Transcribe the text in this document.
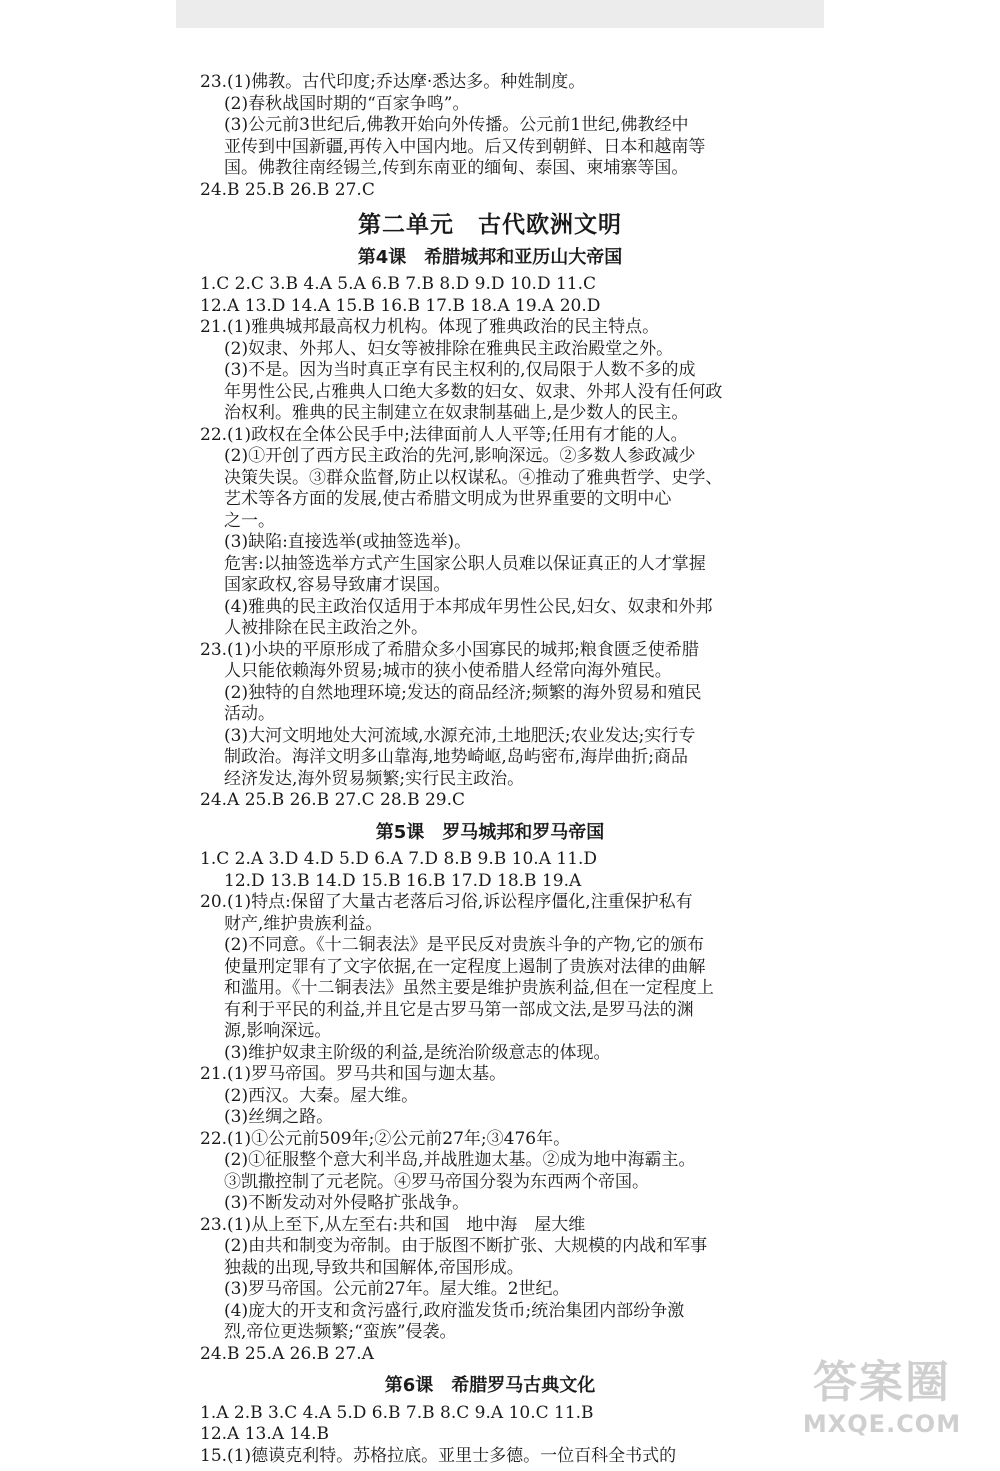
23.(1)佛教。古代印度;乔达摩·悉达多。种姓制度。

(2)春秋战国时期的“百家争鸣”。

(3)公元前3世纪后,佛教开始向外传播。公元前1世纪,佛教经中

亚传到中国新疆,再传入中国内地。后又传到朝鲜、日本和越南等

国。佛教往南经锡兰,传到东南亚的缅甸、泰国、柬埔寨等国。

24.B 25.B 26.B 27.C

第二单元　古代欧洲文明
第4课　希腊城邦和亚历山大帝国

1.C 2.C 3.B 4.A 5.A 6.B 7.B 8.D 9.D 10.D 11.C

12.A 13.D 14.A 15.B 16.B 17.B 18.A 19.A 20.D

21.(1)雅典城邦最高权力机构。体现了雅典政治的民主特点。

(2)奴隶、外邦人、妇女等被排除在雅典民主政治殿堂之外。

(3)不是。因为当时真正享有民主权利的,仅局限于人数不多的成

年男性公民,占雅典人口绝大多数的妇女、奴隶、外邦人没有任何政

治权利。雅典的民主制建立在奴隶制基础上,是少数人的民主。

22.(1)政权在全体公民手中;法律面前人人平等;任用有才能的人。

(2)①开创了西方民主政治的先河,影响深远。②多数人参政减少

决策失误。③群众监督,防止以权谋私。④推动了雅典哲学、史学、

艺术等各方面的发展,使古希腊文明成为世界重要的文明中心

之一。

(3)缺陷:直接选举(或抽签选举)。

危害:以抽签选举方式产生国家公职人员难以保证真正的人才掌握

国家政权,容易导致庸才误国。

(4)雅典的民主政治仅适用于本邦成年男性公民,妇女、奴隶和外邦

人被排除在民主政治之外。

23.(1)小块的平原形成了希腊众多小国寡民的城邦;粮食匮乏使希腊

人只能依赖海外贸易;城市的狭小使希腊人经常向海外殖民。

(2)独特的自然地理环境;发达的商品经济;频繁的海外贸易和殖民

活动。

(3)大河文明地处大河流域,水源充沛,土地肥沃;农业发达;实行专

制政治。海洋文明多山靠海,地势崎岖,岛屿密布,海岸曲折;商品

经济发达,海外贸易频繁;实行民主政治。

24.A 25.B 26.B 27.C 28.B 29.C

第5课　罗马城邦和罗马帝国

1.C 2.A 3.D 4.D 5.D 6.A 7.D 8.B 9.B 10.A 11.D

12.D 13.B 14.D 15.B 16.B 17.D 18.B 19.A

20.(1)特点:保留了大量古老落后习俗,诉讼程序僵化,注重保护私有

财产,维护贵族利益。

(2)不同意。《十二铜表法》是平民反对贵族斗争的产物,它的颁布

使量刑定罪有了文字依据,在一定程度上遏制了贵族对法律的曲解

和滥用。《十二铜表法》虽然主要是维护贵族利益,但在一定程度上

有利于平民的利益,并且它是古罗马第一部成文法,是罗马法的渊

源,影响深远。

(3)维护奴隶主阶级的利益,是统治阶级意志的体现。

21.(1)罗马帝国。罗马共和国与迦太基。

(2)西汉。大秦。屋大维。

(3)丝绸之路。

22.(1)①公元前509年;②公元前27年;③476年。

(2)①征服整个意大利半岛,并战胜迦太基。②成为地中海霸主。

③凯撒控制了元老院。④罗马帝国分裂为东西两个帝国。

(3)不断发动对外侵略扩张战争。

23.(1)从上至下,从左至右:共和国　地中海　屋大维

(2)由共和制变为帝制。由于版图不断扩张、大规模的内战和军事

独裁的出现,导致共和国解体,帝国形成。

(3)罗马帝国。公元前27年。屋大维。2世纪。

(4)庞大的开支和贪污盛行,政府滥发货币;统治集团内部纷争激

烈,帝位更迭频繁;“蛮族”侵袭。

24.B 25.A 26.B 27.A

第6课　希腊罗马古典文化

1.A 2.B 3.C 4.A 5.D 6.B 7.B 8.C 9.A 10.C 11.B

12.A 13.A 14.B

15.(1)德谟克利特。苏格拉底。亚里士多德。一位百科全书式的

答案圈
MXQE.COM
